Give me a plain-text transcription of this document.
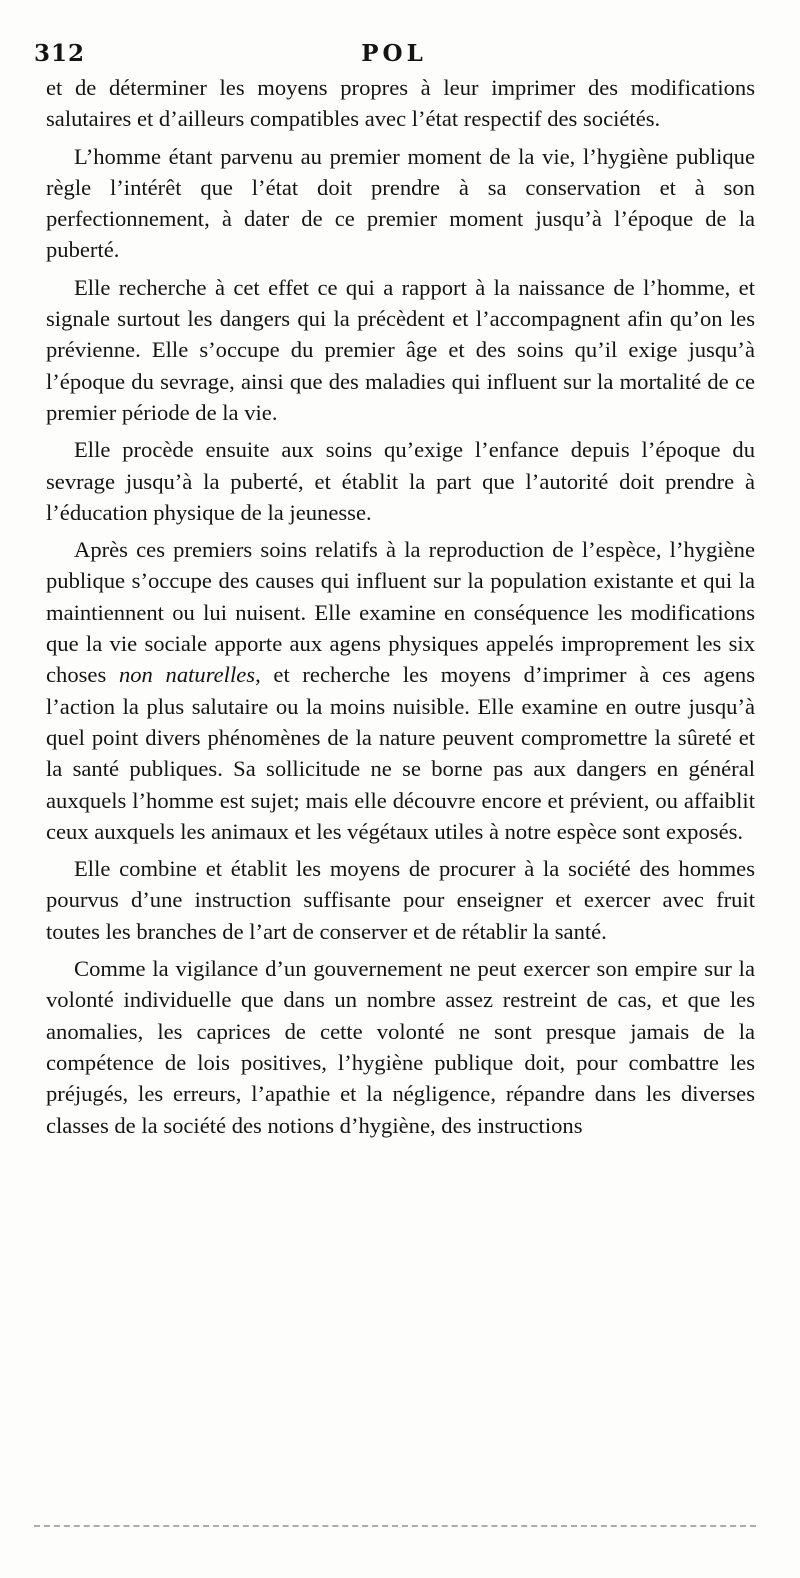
312	POL

et de déterminer les moyens propres à leur imprimer des modifications salutaires et d’ailleurs compatibles avec l’état respectif des sociétés.

L’homme étant parvenu au premier moment de la vie, l’hygiène publique règle l’intérêt que l’état doit prendre à sa conservation et à son perfectionnement, à dater de ce premier moment jusqu’à l’époque de la puberté.

Elle recherche à cet effet ce qui a rapport à la naissance de l’homme, et signale surtout les dangers qui la précèdent et l’accompagnent afin qu’on les prévienne. Elle s’occupe du premier âge et des soins qu’il exige jusqu’à l’époque du sevrage, ainsi que des maladies qui influent sur la mortalité de ce premier période de la vie.

Elle procède ensuite aux soins qu’exige l’enfance depuis l’époque du sevrage jusqu’à la puberté, et établit la part que l’autorité doit prendre à l’éducation physique de la jeunesse.

Après ces premiers soins relatifs à la reproduction de l’espèce, l’hygiène publique s’occupe des causes qui influent sur la population existante et qui la maintiennent ou lui nuisent. Elle examine en conséquence les modifications que la vie sociale apporte aux agens physiques appelés improprement les six choses non naturelles, et recherche les moyens d’imprimer à ces agens l’action la plus salutaire ou la moins nuisible. Elle examine en outre jusqu’à quel point divers phénomènes de la nature peuvent compromettre la sûreté et la santé publiques. Sa sollicitude ne se borne pas aux dangers en général auxquels l’homme est sujet; mais elle découvre encore et prévient, ou affaiblit ceux auxquels les animaux et les végétaux utiles à notre espèce sont exposés.

Elle combine et établit les moyens de procurer à la société des hommes pourvus d’une instruction suffisante pour enseigner et exercer avec fruit toutes les branches de l’art de conserver et de rétablir la santé.

Comme la vigilance d’un gouvernement ne peut exercer son empire sur la volonté individuelle que dans un nombre assez restreint de cas, et que les anomalies, les caprices de cette volonté ne sont presque jamais de la compétence de lois positives, l’hygiène publique doit, pour combattre les préjugés, les erreurs, l’apathie et la négligence, répandre dans les diverses classes de la société des notions d’hygiène, des instructions
